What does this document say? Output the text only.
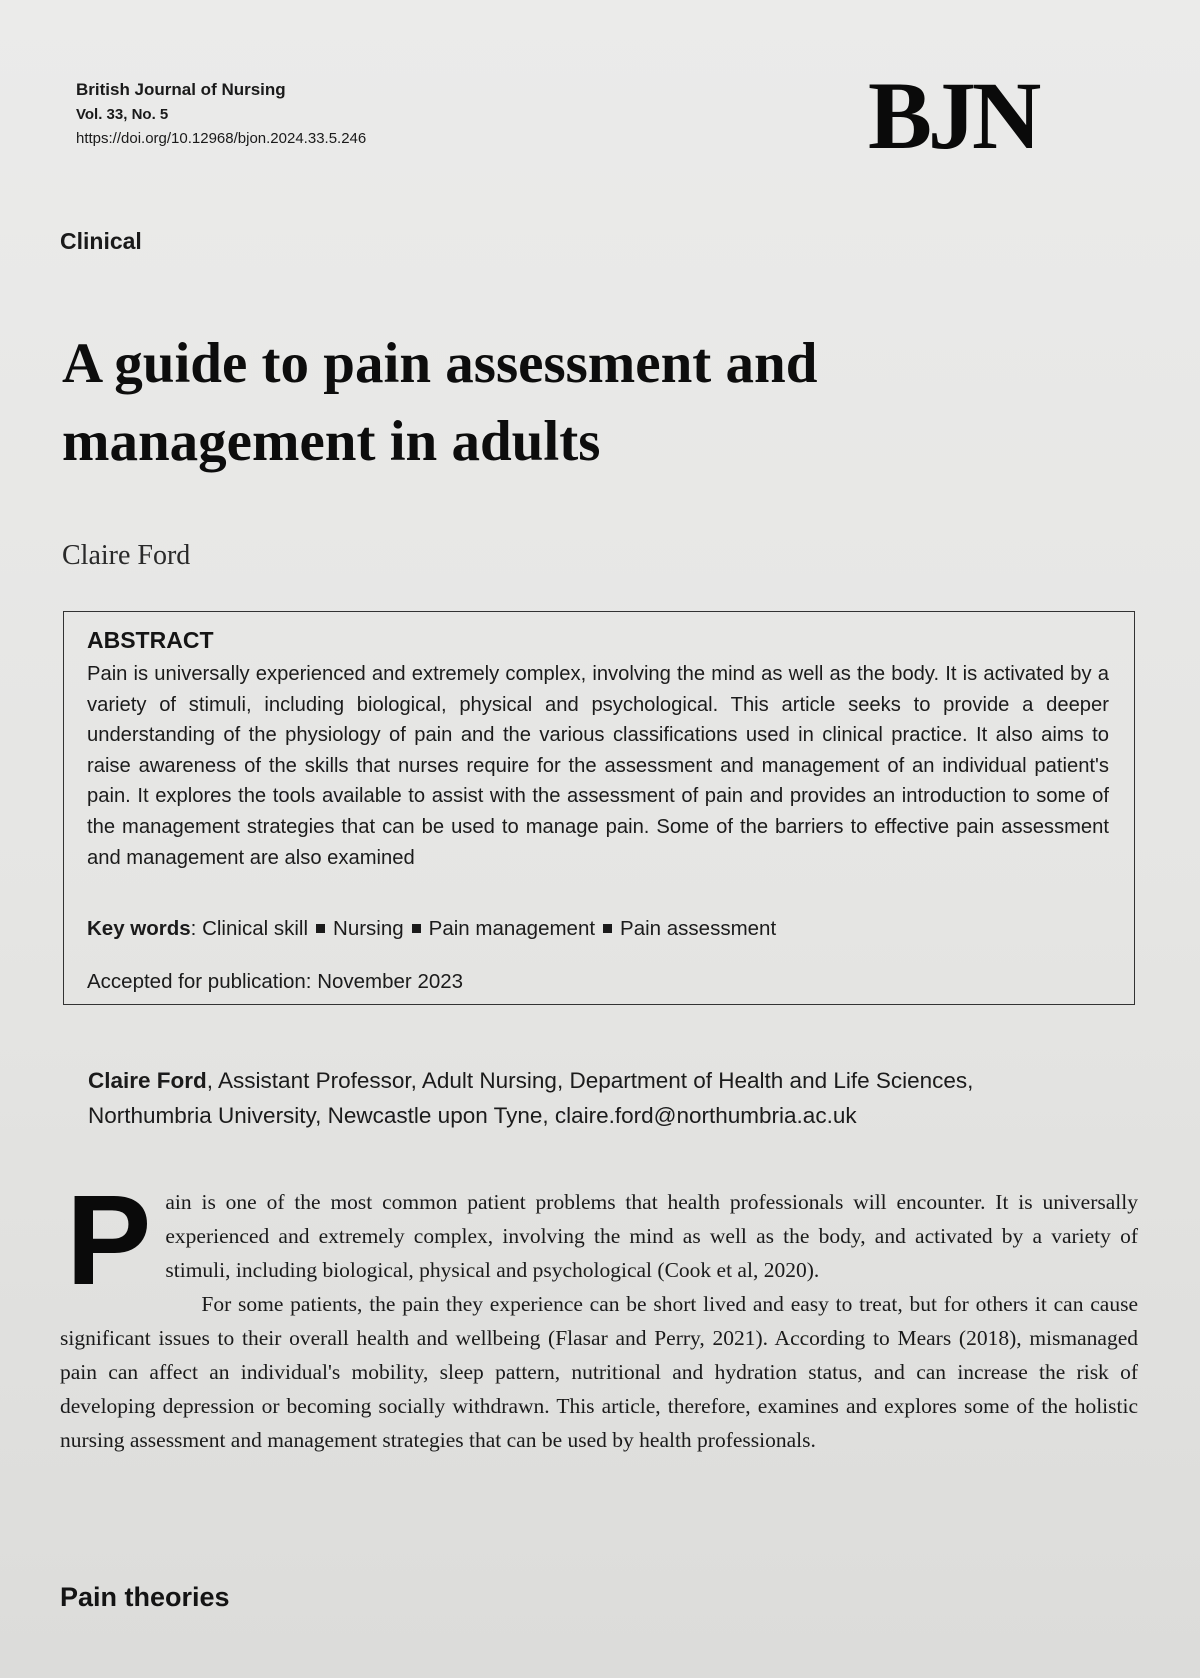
British Journal of Nursing
Vol. 33, No. 5
https://doi.org/10.12968/bjon.2024.33.5.246	BJN
Clinical
A guide to pain assessment and
management in adults
Claire Ford
ABSTRACT
Pain is universally experienced and extremely complex, involving the mind as well as the body. It is activated by a variety of stimuli, including biological, physical and psychological. This article seeks to provide a deeper understanding of the physiology of pain and the various classifications used in clinical practice. It also aims to raise awareness of the skills that nurses require for the assessment and management of an individual patient's pain. It explores the tools available to assist with the assessment of pain and provides an introduction to some of the management strategies that can be used to manage pain. Some of the barriers to effective pain assessment and management are also examined
Key words: Clinical skill Nursing Pain management Pain assessment
Accepted for publication: November 2023
Claire Ford, Assistant Professor, Adult Nursing, Department of Health and Life Sciences, Northumbria University, Newcastle upon Tyne, claire.ford@northumbria.ac.uk

Pain is one of the most common patient problems that health professionals will encounter. It is universally experienced and extremely complex, involving the mind as well as the body, and activated by a variety of stimuli, including biological, physical and psychological (Cook et al, 2020).

For some patients, the pain they experience can be short lived and easy to treat, but for others it can cause significant issues to their overall health and wellbeing (Flasar and Perry, 2021). According to Mears (2018), mismanaged pain can affect an individual's mobility, sleep pattern, nutritional and hydration status, and can increase the risk of developing depression or becoming socially withdrawn. This article, therefore, examines and explores some of the holistic nursing assessment and management strategies that can be used by health professionals.

Pain theories
